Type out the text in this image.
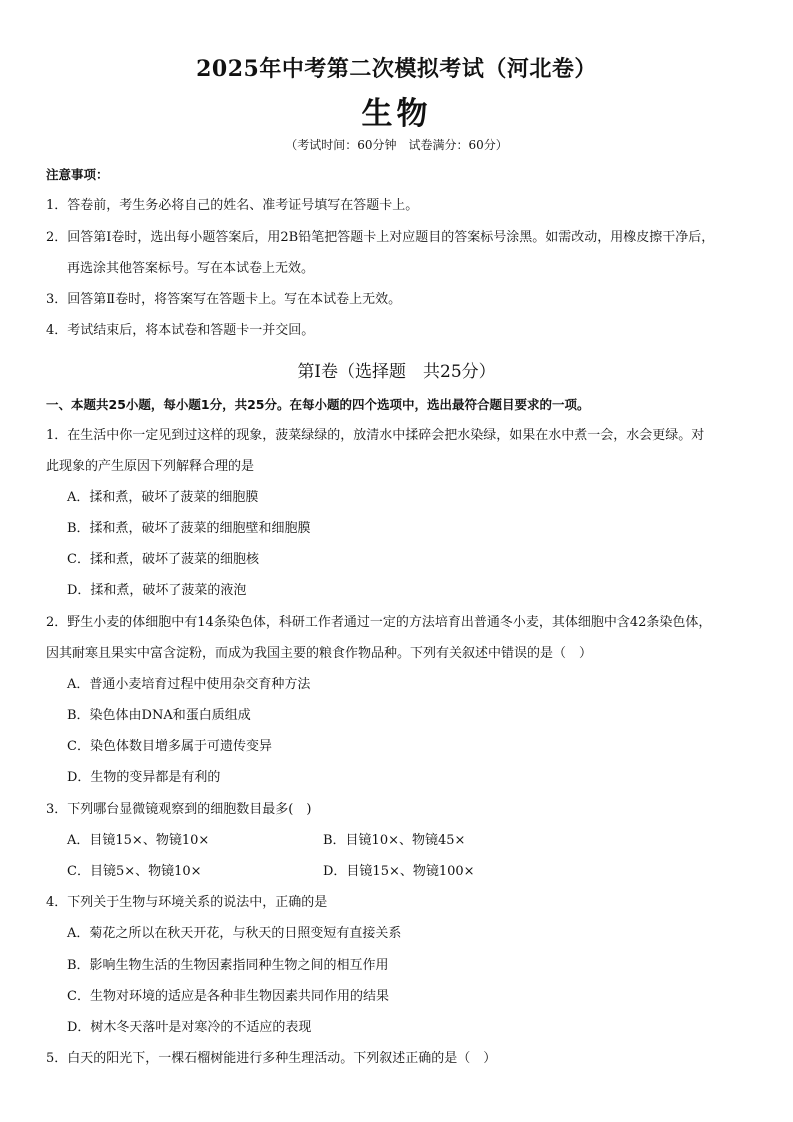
2025年中考第二次模拟考试（河北卷）
生物
（考试时间：60分钟　试卷满分：60分）
注意事项：
1．答卷前，考生务必将自己的姓名、准考证号填写在答题卡上。
2．回答第Ⅰ卷时，选出每小题答案后，用2B铅笔把答题卡上对应题目的答案标号涂黑。如需改动，用橡皮擦干净后，
再选涂其他答案标号。写在本试卷上无效。
3．回答第Ⅱ卷时，将答案写在答题卡上。写在本试卷上无效。
4．考试结束后，将本试卷和答题卡一并交回。
第Ⅰ卷（选择题　共25分）
一、本题共25小题，每小题1分，共25分。在每小题的四个选项中，选出最符合题目要求的一项。
1．在生活中你一定见到过这样的现象，菠菜绿绿的，放清水中揉碎会把水染绿，如果在水中煮一会，水会更绿。对
此现象的产生原因下列解释合理的是
A．揉和煮，破坏了菠菜的细胞膜
B．揉和煮，破坏了菠菜的细胞壁和细胞膜
C．揉和煮，破坏了菠菜的细胞核
D．揉和煮，破坏了菠菜的液泡
2．野生小麦的体细胞中有14条染色体，科研工作者通过一定的方法培育出普通冬小麦，其体细胞中含42条染色体，
因其耐寒且果实中富含淀粉，而成为我国主要的粮食作物品种。下列有关叙述中错误的是（　）
A．普通小麦培育过程中使用杂交育种方法
B．染色体由DNA和蛋白质组成
C．染色体数目增多属于可遗传变异
D．生物的变异都是有利的
3．下列哪台显微镜观察到的细胞数目最多(　)
A．目镜15×、物镜10×	B．目镜10×、物镜45×
C．目镜5×、物镜10×	D．目镜15×、物镜100×
4．下列关于生物与环境关系的说法中，正确的是
A．菊花之所以在秋天开花，与秋天的日照变短有直接关系
B．影响生物生活的生物因素指同种生物之间的相互作用
C．生物对环境的适应是各种非生物因素共同作用的结果
D．树木冬天落叶是对寒冷的不适应的表现
5．白天的阳光下，一棵石榴树能进行多种生理活动。下列叙述正确的是（　）
